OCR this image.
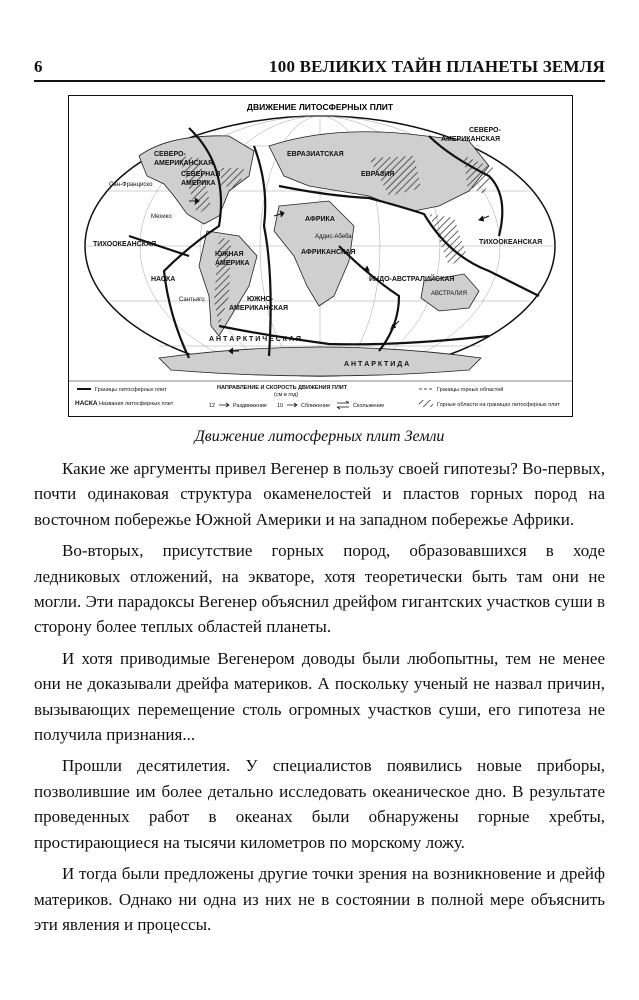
6	100 ВЕЛИКИХ ТАЙН ПЛАНЕТЫ ЗЕМЛЯ
ДВИЖЕНИЕ ЛИТОСФЕРНЫХ ПЛИТ
СЕВЕРО-
АМЕРИКАНСКАЯ
СЕВЕРНАЯ
АМЕРИКА
ЕВРАЗИАТСКАЯ
ЕВРАЗИЯ
СЕВЕРО-
АМЕРИКАНСКАЯ
АФРИКА
АФРИКАНСКАЯ
ТИХООКЕАНСКАЯ	ТИХООКЕАНСКАЯ
ЮЖНАЯ
АМЕРИКА
НАСКА
ЮЖНО-
АМЕРИКАНСКАЯ
ИНДО-АВСТРАЛИЙСКАЯ
А Н Т А Р К Т И Ч Е С К А Я
А Н Т А Р К Т И Д А
Сан-Франциско
Мехико
Аддис-Абеба
АВСТРАЛИЯ
Сантьяго
Границы литосферных плит
НАСКА Названия литосферных плит
НАПРАВЛЕНИЕ И СКОРОСТЬ ДВИЖЕНИЯ ПЛИТ
(см в год)
12	Раздвижение 10	Сближение	Скольжение
Границы горных областей
Горные области на границах литосферных плит
Движение литосферных плит Земли

Какие же аргументы привел Вегенер в пользу своей гипотезы? Во-первых, почти одинаковая структура окаменелостей и пластов горных пород на восточном побережье Южной Америки и на западном побережье Африки.

Во-вторых, присутствие горных пород, образовавшихся в ходе ледниковых отложений, на экваторе, хотя теоретически быть там они не могли. Эти парадоксы Вегенер объяснил дрейфом гигантских участков суши в сторону более теплых областей планеты.

И хотя приводимые Вегенером доводы были любопытны, тем не менее они не доказывали дрейфа материков. А поскольку ученый не назвал причин, вызывающих перемещение столь огромных участков суши, его гипотеза не получила признания...

Прошли десятилетия. У специалистов появились новые приборы, позволившие им более детально исследовать океаническое дно. В результате проведенных работ в океанах были обнаружены горные хребты, простирающиеся на тысячи километров по морскому ложу.

И тогда были предложены другие точки зрения на возникновение и дрейф материков. Однако ни одна из них не в состоянии в полной мере объяснить эти явления и процессы.
